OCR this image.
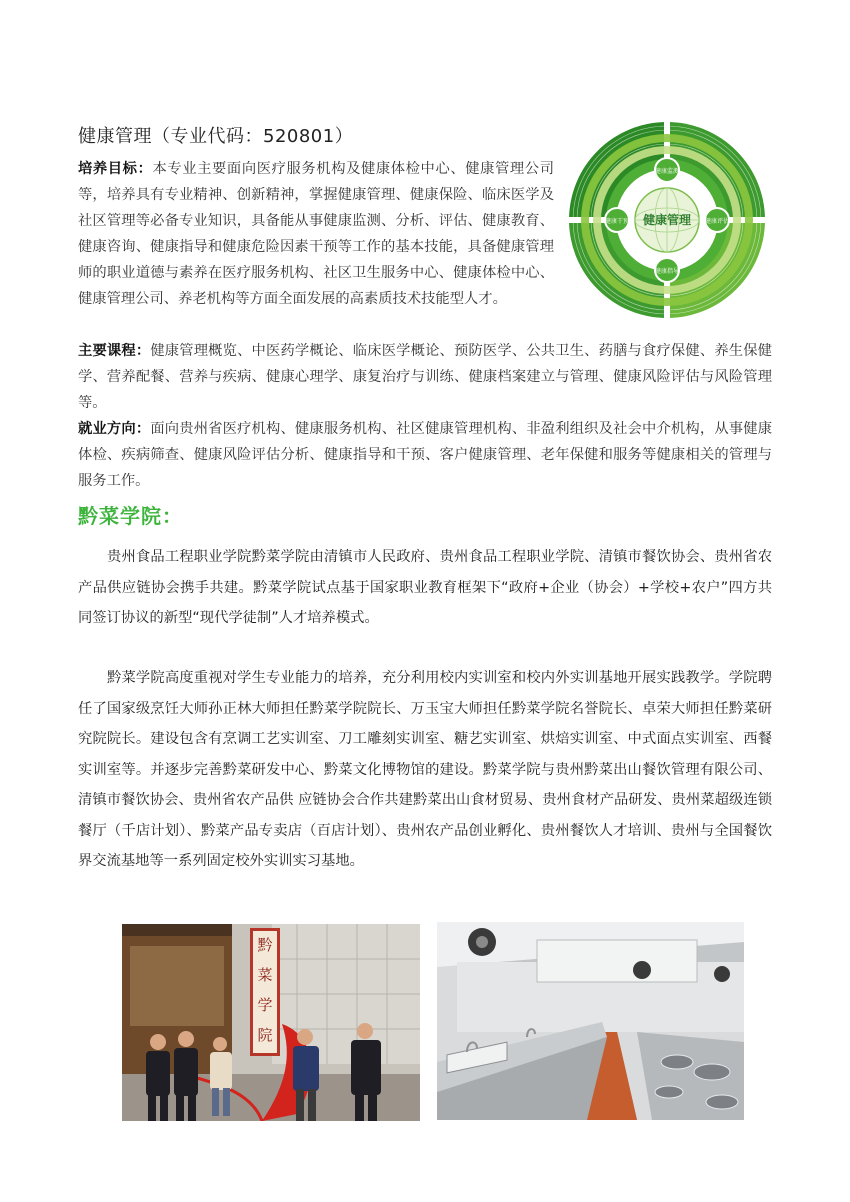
健康管理（专业代码：520801）
培养目标：本专业主要面向医疗服务机构及健康体检中心、健康管理公司等，培养具有专业精神、创新精神，掌握健康管理、健康保险、临床医学及社区管理等必备专业知识，具备能从事健康监测、分析、评估、健康教育、健康咨询、健康指导和健康危险因素干预等工作的基本技能，具备健康管理师的职业道德与素养在医疗服务机构、社区卫生服务中心、健康体检中心、健康管理公司、养老机构等方面全面发展的高素质技术技能型人才。
健康管理
健康监测
健康干预	健康评估
健康指导
主要课程：健康管理概览、中医药学概论、临床医学概论、预防医学、公共卫生、药膳与食疗保健、养生保健学、营养配餐、营养与疾病、健康心理学、康复治疗与训练、健康档案建立与管理、健康风险评估与风险管理等。
就业方向：面向贵州省医疗机构、健康服务机构、社区健康管理机构、非盈利组织及社会中介机构，从事健康体检、疾病筛查、健康风险评估分析、健康指导和干预、客户健康管理、老年保健和服务等健康相关的管理与服务工作。
黔菜学院：
贵州食品工程职业学院黔菜学院由清镇市人民政府、贵州食品工程职业学院、清镇市餐饮协会、贵州省农产品供应链协会携手共建。黔菜学院试点基于国家职业教育框架下“政府+企业（协会）+学校+农户”四方共同签订协议的新型“现代学徒制”人才培养模式。
黔菜学院高度重视对学生专业能力的培养，充分利用校内实训室和校内外实训基地开展实践教学。学院聘任了国家级烹饪大师孙正林大师担任黔菜学院院长、万玉宝大师担任黔菜学院名誉院长、卓荣大师担任黔菜研究院院长。建设包含有烹调工艺实训室、刀工雕刻实训室、糖艺实训室、烘焙实训室、中式面点实训室、西餐实训室等。并逐步完善黔菜研发中心、黔菜文化博物馆的建设。黔菜学院与贵州黔菜出山餐饮管理有限公司、清镇市餐饮协会、贵州省农产品供 应链协会合作共建黔菜出山食材贸易、贵州食材产品研发、贵州菜超级连锁餐厅（千店计划）、黔菜产品专卖店（百店计划）、贵州农产品创业孵化、贵州餐饮人才培训、贵州与全国餐饮界交流基地等一系列固定校外实训实习基地。
黔
菜
学
院
